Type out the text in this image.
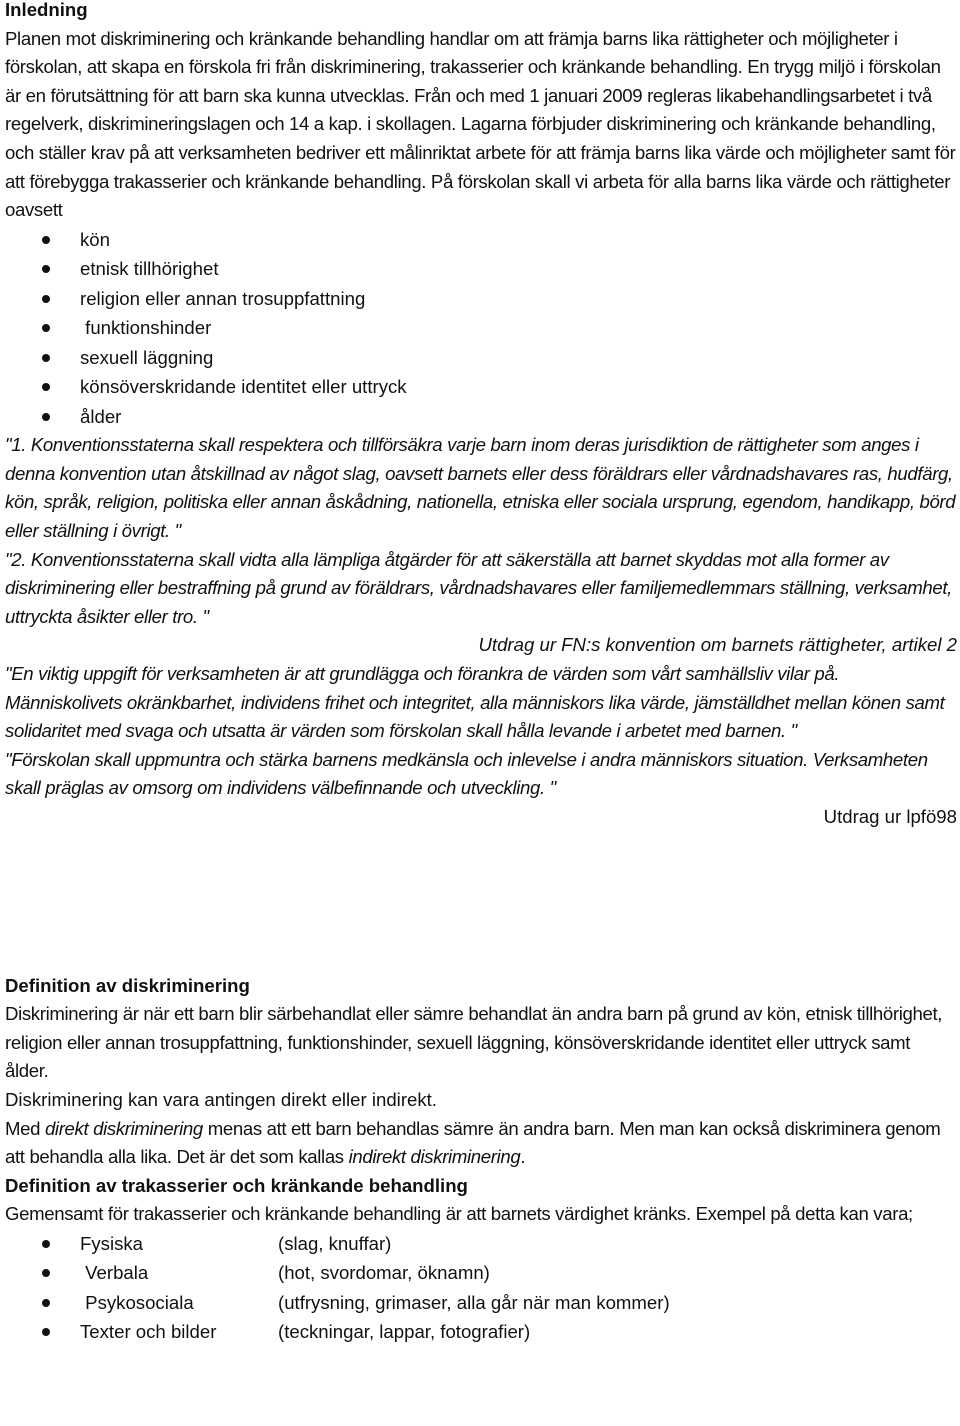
Inledning

Planen mot diskriminering och kränkande behandling handlar om att främja barns lika rättigheter och möjligheter i förskolan, att skapa en förskola fri från diskriminering, trakasserier och kränkande behandling. En trygg miljö i förskolan är en förutsättning för att barn ska kunna utvecklas. Från och med 1 januari 2009 regleras likabehandlingsarbetet i två regelverk, diskrimineringslagen och 14 a kap. i skollagen. Lagarna förbjuder diskriminering och kränkande behandling, och ställer krav på att verksamheten bedriver ett målinriktat arbete för att främja barns lika värde och möjligheter samt för att förebygga trakasserier och kränkande behandling. På förskolan skall vi arbeta för alla barns lika värde och rättigheter oavsett

kön
etnisk tillhörighet
religion eller annan trosuppfattning
funktionshinder
sexuell läggning
könsöverskridande identitet eller uttryck
ålder

"1. Konventionsstaterna skall respektera och tillförsäkra varje barn inom deras jurisdiktion de rättigheter som anges i denna konvention utan åtskillnad av något slag, oavsett barnets eller dess föräldrars eller vårdnadshavares ras, hudfärg, kön, språk, religion, politiska eller annan åskådning, nationella, etniska eller sociala ursprung, egendom, handikapp, börd eller ställning i övrigt. "

"2. Konventionsstaterna skall vidta alla lämpliga åtgärder för att säkerställa att barnet skyddas mot alla former av diskriminering eller bestraffning på grund av föräldrars, vårdnadshavares eller familjemedlemmars ställning, verksamhet, uttryckta åsikter eller tro. "

Utdrag ur FN:s konvention om barnets rättigheter, artikel 2

"En viktig uppgift för verksamheten är att grundlägga och förankra de värden som vårt samhällsliv vilar på. Människolivets okränkbarhet, individens frihet och integritet, alla människors lika värde, jämställdhet mellan könen samt solidaritet med svaga och utsatta är värden som förskolan skall hålla levande i arbetet med barnen. "

"Förskolan skall uppmuntra och stärka barnens medkänsla och inlevelse i andra människors situation. Verksamheten skall präglas av omsorg om individens välbefinnande och utveckling. "

Utdrag ur lpfö98

Definition av diskriminering

Diskriminering är när ett barn blir särbehandlat eller sämre behandlat än andra barn på grund av kön, etnisk tillhörighet, religion eller annan trosuppfattning, funktionshinder, sexuell läggning, könsöverskridande identitet eller uttryck samt ålder.

Diskriminering kan vara antingen direkt eller indirekt.

Med direkt diskriminering menas att ett barn behandlas sämre än andra barn. Men man kan också diskriminera genom att behandla alla lika. Det är det som kallas indirekt diskriminering.

Definition av trakasserier och kränkande behandling

Gemensamt för trakasserier och kränkande behandling är att barnets värdighet kränks. Exempel på detta kan vara;

Fysiska	(slag, knuffar)
Verbala	(hot, svordomar, öknamn)
Psykosociala	(utfrysning, grimaser, alla går när man kommer)
Texter och bilder	(teckningar, lappar, fotografier)
